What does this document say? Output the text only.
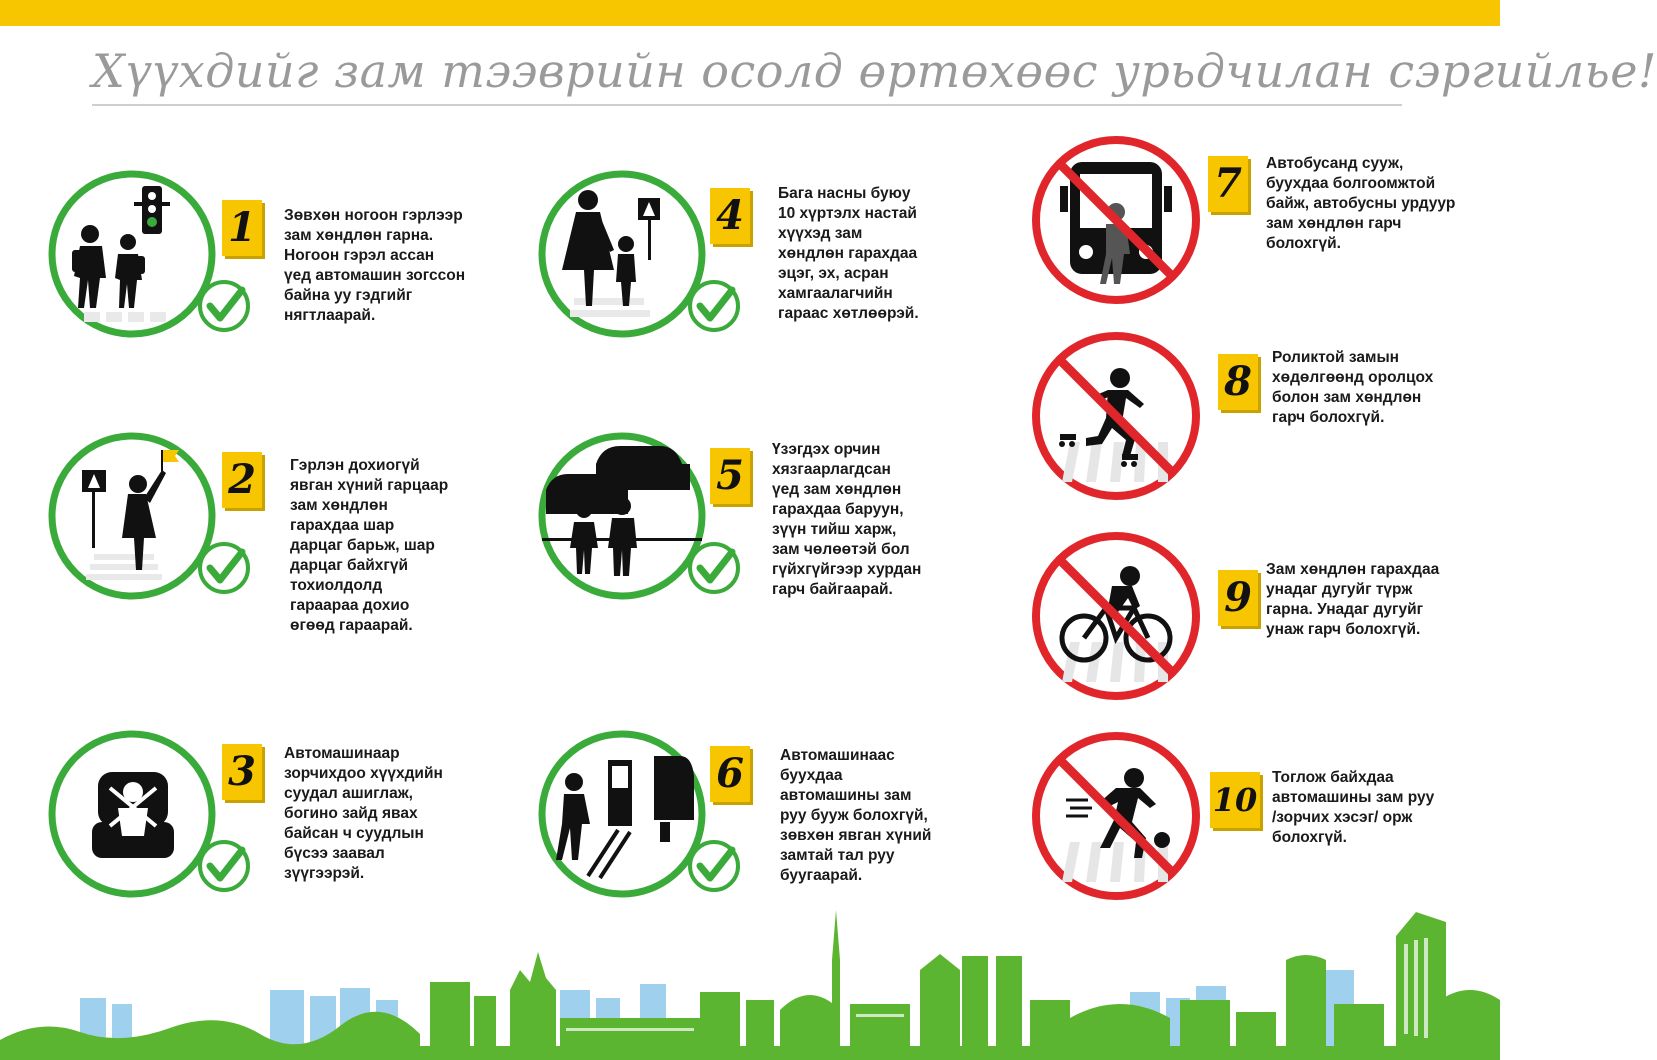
Хүүхдийг зам тээврийн осолд өртөхөөс урьдчилан сэргийлье!
1 Зөвхөн ногоон гэрлээр
зам хөндлөн гарна.
Ногоон гэрэл ассан
үед автомашин зогссон
байна уу гэдгийг
нягтлаарай.
2 Гэрлэн дохиогүй
явган хүний гарцаар
зам хөндлөн
гарахдаа шар
дарцаг барьж, шар
дарцаг байхгүй
тохиолдолд
гараараа дохио
өгөөд гараарай.
3 Автомашинаар
зорчихдоо хүүхдийн
суудал ашиглаж,
богино зайд явах
байсан ч суудлын
бүсээ заавал
зүүгээрэй.
4 Бага насны буюу
10 хүртэлх настай
хүүхэд зам
хөндлөн гарахдаа
эцэг, эх, асран
хамгаалагчийн
гараас хөтлөөрэй.
5
Үзэгдэх орчин
хязгаарлагдсан
үед зам хөндлөн
гарахдаа баруун,
зүүн тийш харж,
зам чөлөөтэй бол
гүйхгүйгээр хурдан
гарч байгаарай.
6 Автомашинаас
буухдаа
автомашины зам
руу бууж болохгүй,
зөвхөн явган хүний
замтай тал руу
буугаарай.
7 Автобусанд сууж,
буухдаа болгоомжтой
байж, автобусны урдуур
зам хөндлөн гарч
болохгүй.
8
Роликтой замын
хөдөлгөөнд оролцох
болон зам хөндлөн
гарч болохгүй.
9
Зам хөндлөн гарахдаа
унадаг дугуйг түрж
гарна. Унадаг дугуйг
унаж гарч болохгүй.
10
Тоглож байхдаа
автомашины зам руу
/зорчих хэсэг/ орж
болохгүй.
